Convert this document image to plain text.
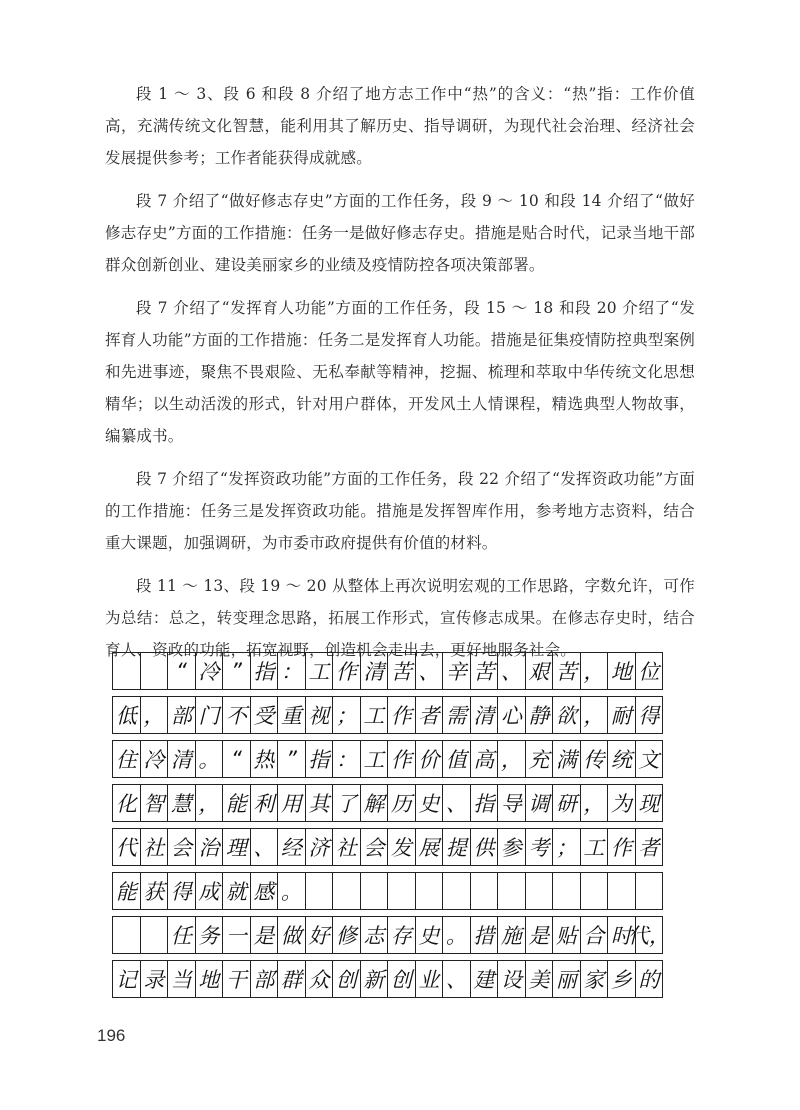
段 1 ～ 3、段 6 和段 8 介绍了地方志工作中“热”的含义：“热”指：工作价值高，充满传统文化智慧，能利用其了解历史、指导调研，为现代社会治理、经济社会发展提供参考；工作者能获得成就感。

段 7 介绍了“做好修志存史”方面的工作任务，段 9 ～ 10 和段 14 介绍了“做好修志存史”方面的工作措施：任务一是做好修志存史。措施是贴合时代，记录当地干部群众创新创业、建设美丽家乡的业绩及疫情防控各项决策部署。

段 7 介绍了“发挥育人功能”方面的工作任务，段 15 ～ 18 和段 20 介绍了“发挥育人功能”方面的工作措施：任务二是发挥育人功能。措施是征集疫情防控典型案例和先进事迹，聚焦不畏艰险、无私奉献等精神，挖掘、梳理和萃取中华传统文化思想精华；以生动活泼的形式，针对用户群体，开发风土人情课程，精选典型人物故事，编纂成书。

段 7 介绍了“发挥资政功能”方面的工作任务，段 22 介绍了“发挥资政功能”方面的工作措施：任务三是发挥资政功能。措施是发挥智库作用，参考地方志资料，结合重大课题，加强调研，为市委市政府提供有价值的材料。

段 11 ～ 13、段 19 ～ 20 从整体上再次说明宏观的工作思路，字数允许，可作为总结：总之，转变理念思路，拓展工作形式，宣传修志成果。在修志存史时，结合育人、资政的功能，拓宽视野，创造机会走出去，更好地服务社会。

“ 冷 ” 指 ： 工 作 清 苦 、 辛 苦 、 艰 苦 ， 地 位
低 ， 部 门 不 受 重 视 ； 工 作 者 需 清 心 静 欲 ， 耐 得
住 冷 清 。 “ 热 ” 指 ： 工 作 价 值 高 ， 充 满 传 统 文
化 智 慧 ， 能 利 用 其 了 解 历 史 、 指 导 调 研 ， 为 现
代 社 会 治 理 、 经 济 社 会 发 展 提 供 参 考 ； 工 作 者
能 获 得 成 就 感 。
任 务 一 是 做 好 修 志 存 史 。 措 施 是 贴 合 时
代，
记 录 当 地 干 部 群 众 创 新 创 业 、 建 设 美 丽 家 乡 的
196
